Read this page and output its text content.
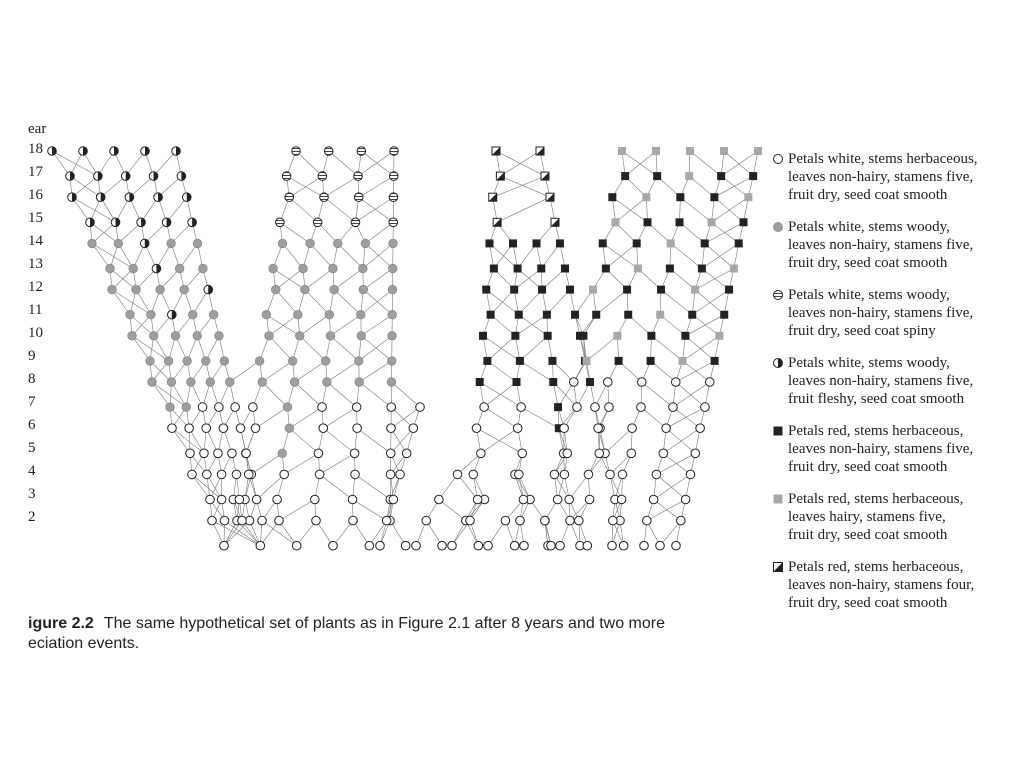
ear
18
17
16
15
14
13
12
11
10
9
8
7
6
5
4
3
2
Petals white, stems herbaceous,
leaves non-hairy, stamens five,
fruit dry, seed coat smooth
Petals white, stems woody,
leaves non-hairy, stamens five,
fruit dry, seed coat smooth
Petals white, stems woody,
leaves non-hairy, stamens five,
fruit dry, seed coat spiny
Petals white, stems woody,
leaves non-hairy, stamens five,
fruit fleshy, seed coat smooth
Petals red, stems herbaceous,
leaves non-hairy, stamens five,
fruit dry, seed coat smooth
Petals red, stems herbaceous,
leaves hairy, stamens five,
fruit dry, seed coat smooth
Petals red, stems herbaceous,
leaves non-hairy, stamens four,
fruit dry, seed coat smooth
igure 2.2 The same hypothetical set of plants as in Figure 2.1 after 8 years and two more
eciation events.
